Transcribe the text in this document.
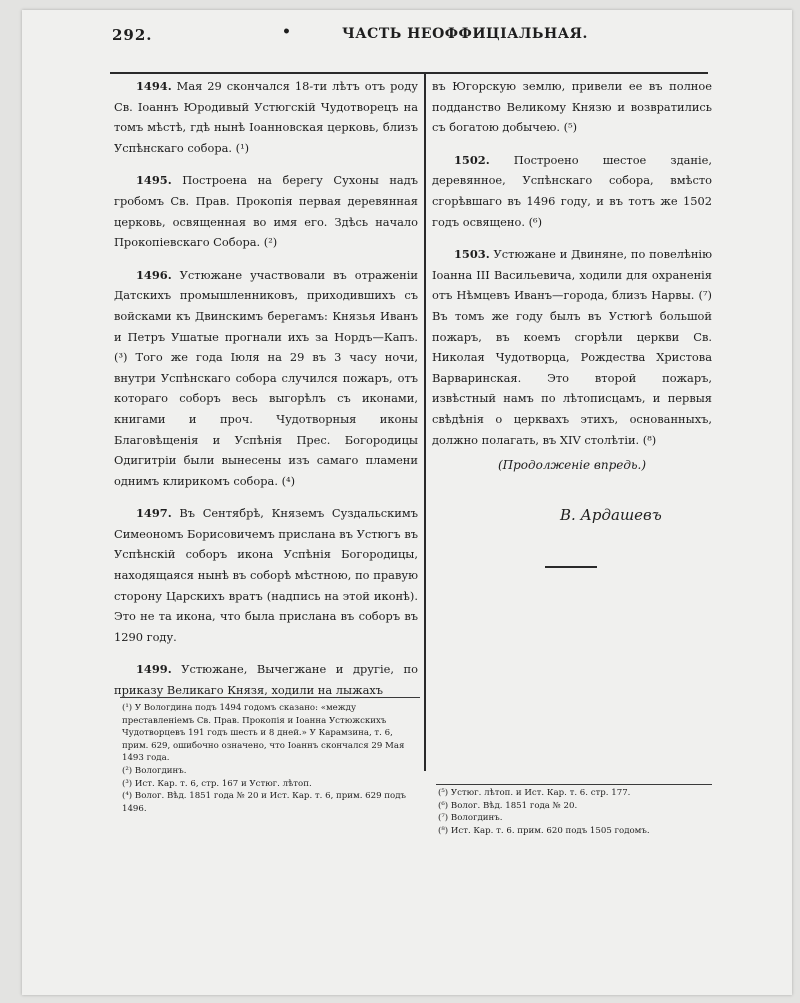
292.	•	ЧАСТЬ НЕОФФИЦІАЛЬНАЯ.

1494. Мая 29 скончался 18-ти лѣтъ отъ роду Св. Іоаннъ Юродивый Устюгскій Чудотворецъ на томъ мѣстѣ, гдѣ нынѣ Іоанновская церковь, близъ Успѣнскаго собора. (¹)

1495. Построена на берегу Сухоны надъ гробомъ Св. Прав. Прокопія первая деревянная церковь, освященная во имя его. Здѣсь начало Прокопіевскаго Собора. (²)

1496. Устюжане участвовали въ отраженіи Датскихъ промышленниковъ, приходившихъ съ войсками къ Двинскимъ берегамъ: Князья Иванъ и Петръ Ушатые прогнали ихъ за Нордъ—Капъ. (³) Того же года Іюля на 29 въ 3 часу ночи, внутри Успѣнскаго собора случился пожаръ, отъ котораго соборъ весь выгорѣлъ съ иконами, книгами и проч. Чудотворныя иконы Благовѣщенія и Успѣнія Прес. Богородицы Одигитріи были вынесены изъ самаго пламени однимъ клирикомъ собора. (⁴)

1497. Въ Сентябрѣ, Княземъ Суздальскимъ Симеономъ Борисовичемъ прислана въ Устюгъ въ Успѣнскій соборъ икона Успѣнія Богородицы, находящаяся нынѣ въ соборѣ мѣстною, по правую сторону Царскихъ вратъ (надпись на этой иконѣ). Это не та икона, что была прислана въ соборъ въ 1290 году.

1499. Устюжане, Вычегжане и другіе, по приказу Великаго Князя, ходили на лыжахъ

въ Югорскую землю, привели ее въ полное подданство Великому Князю и возвратились съ богатою добычею. (⁵)

1502. Построено шестое зданіе, деревянное, Успѣнскаго собора, вмѣсто сгорѣвшаго въ 1496 году, и въ тотъ же 1502 годъ освящено. (⁶)

1503. Устюжане и Двиняне, по повелѣнію Іоанна III Васильевича, ходили для охраненія отъ Нѣмцевъ Иванъ—города, близъ Нарвы. (⁷) Въ томъ же году былъ въ Устюгѣ большой пожаръ, въ коемъ сгорѣли церкви Св. Николая Чудотворца, Рождества Христова Варваринская. Это второй пожаръ, извѣстный намъ по лѣтописцамъ, и первыя свѣдѣнія о церквахъ этихъ, основанныхъ, должно полагать, въ XIV столѣтіи. (⁸)

(Продолженіе впредь.)
В. Ардашевъ

(¹) У Вологдина подъ 1494 годомъ сказано: «между преставленіемъ Св. Прав. Прокопія и Іоанна Устюжскихъ Чудотворцевъ 191 годъ шесть и 8 дней.» У Карамзина, т. 6, прим. 629, ошибочно означено, что Іоаннъ скончался 29 Мая 1493 года.

(²) Вологдинъ.

(³) Ист. Кар. т. 6, стр. 167 и Устюг. лѣтоп.

(⁴) Волог. Вѣд. 1851 года № 20 и Ист. Кар. т. 6, прим. 629 подъ 1496.

(⁵) Устюг. лѣтоп. и Ист. Кар. т. 6. стр. 177.

(⁶) Волог. Вѣд. 1851 года № 20.

(⁷) Вологдинъ.

(⁸) Ист. Кар. т. 6. прим. 620 подъ 1505 годомъ.
